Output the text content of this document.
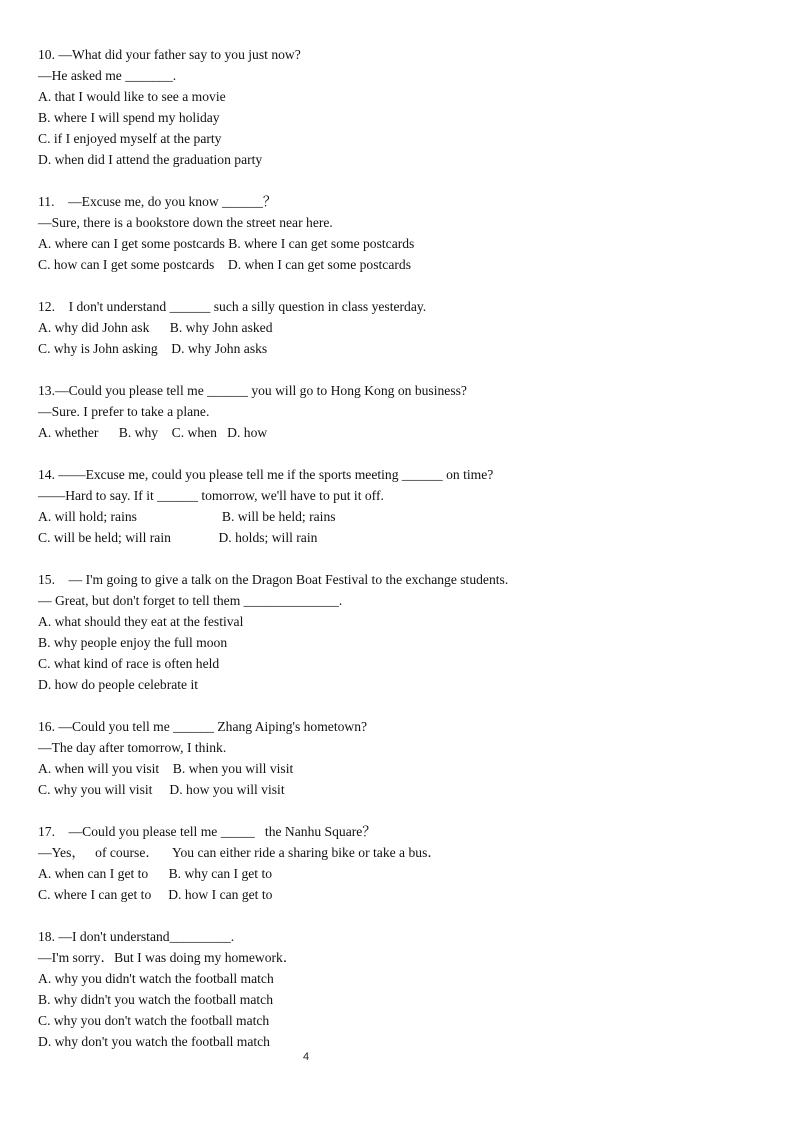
10. —What did your father say to you just now?
—He asked me _______.
A. that I would like to see a movie
B. where I will spend my holiday
C. if I enjoyed myself at the party
D. when did I attend the graduation party
11.    —Excuse me, do you know ______？
—Sure, there is a bookstore down the street near here.
A. where can I get some postcards B. where I can get some postcards
C. how can I get some postcards    D. when I can get some postcards
12.    I don't understand ______ such a silly question in class yesterday.
A. why did John ask      B. why John asked
C. why is John asking    D. why John asks
13.—Could you please tell me ______ you will go to Hong Kong on business?
—Sure. I prefer to take a plane.
A. whether      B. why    C. when   D. how
14. ——Excuse me, could you please tell me if the sports meeting ______ on time?
——Hard to say. If it ______ tomorrow, we'll have to put it off.
A. will hold; rains                         B. will be held; rains
C. will be held; will rain              D. holds; will rain
15.    — I'm going to give a talk on the Dragon Boat Festival to the exchange students.
— Great, but don't forget to tell them ______________.
A. what should they eat at the festival
B. why people enjoy the full moon
C. what kind of race is often held
D. how do people celebrate it
16. —Could you tell me ______ Zhang Aiping's hometown?
—The day after tomorrow, I think.
A. when will you visit    B. when you will visit
C. why you will visit     D. how you will visit
17.    —Could you please tell me _____   the Nanhu Square？
—Yes，   of course．    You can either ride a sharing bike or take a bus．
A. when can I get to      B. why can I get to
C. where I can get to     D. how I can get to
18. —I don't understand_________.
—I'm sorry．But I was doing my homework．
A. why you didn't watch the football match
B. why didn't you watch the football match
C. why you don't watch the football match
D. why don't you watch the football match
4
